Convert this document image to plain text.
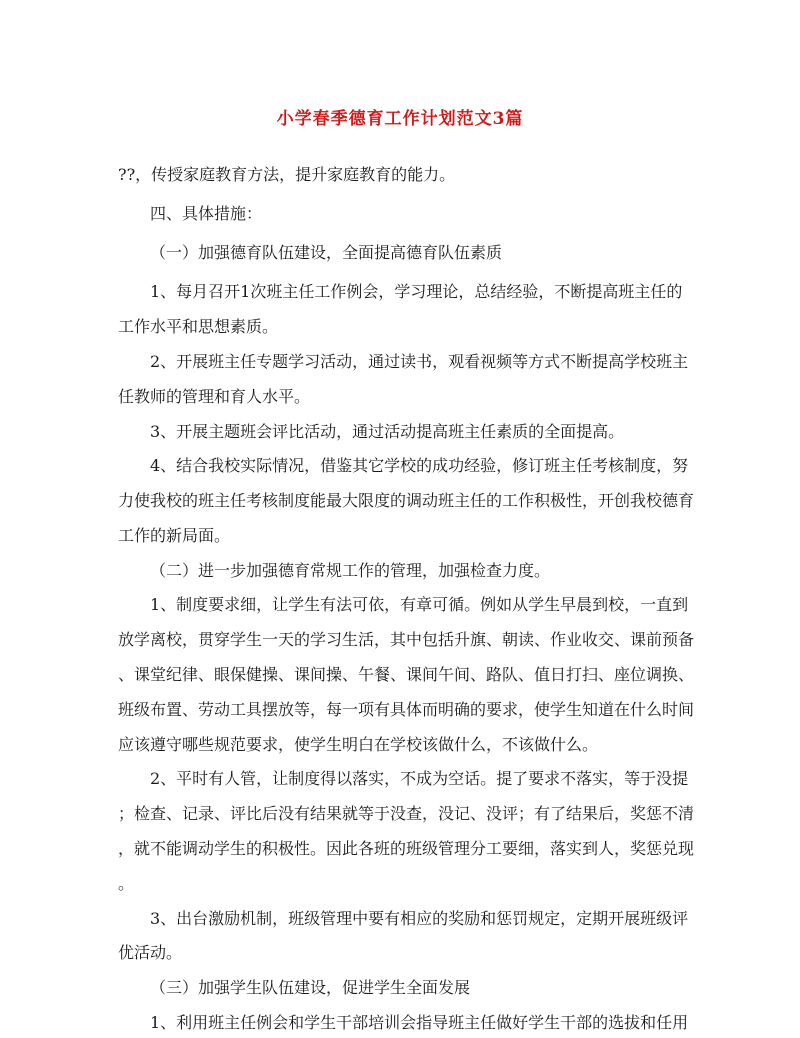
小学春季德育工作计划范文3篇
??，传授家庭教育方法，提升家庭教育的能力。
四、具体措施：
（一）加强德育队伍建设，全面提高德育队伍素质
1、每月召开1次班主任工作例会，学习理论，总结经验，不断提高班主任的
工作水平和思想素质。
2、开展班主任专题学习活动，通过读书，观看视频等方式不断提高学校班主
任教师的管理和育人水平。
3、开展主题班会评比活动，通过活动提高班主任素质的全面提高。
4、结合我校实际情况，借鉴其它学校的成功经验，修订班主任考核制度，努
力使我校的班主任考核制度能最大限度的调动班主任的工作积极性，开创我校德育
工作的新局面。
（二）进一步加强德育常规工作的管理，加强检查力度。
1、制度要求细，让学生有法可依，有章可循。例如从学生早晨到校，一直到
放学离校，贯穿学生一天的学习生活，其中包括升旗、朝读、作业收交、课前预备
、课堂纪律、眼保健操、课间操、午餐、课间午间、路队、值日打扫、座位调换、
班级布置、劳动工具摆放等，每一项有具体而明确的要求，使学生知道在什么时间
应该遵守哪些规范要求，使学生明白在学校该做什么，不该做什么。
2、平时有人管，让制度得以落实，不成为空话。提了要求不落实，等于没提
；检查、记录、评比后没有结果就等于没查，没记、没评；有了结果后，奖惩不清
，就不能调动学生的积极性。因此各班的班级管理分工要细，落实到人，奖惩兑现
。
3、出台激励机制，班级管理中要有相应的奖励和惩罚规定，定期开展班级评
优活动。
（三）加强学生队伍建设，促进学生全面发展
1、利用班主任例会和学生干部培训会指导班主任做好学生干部的选拔和任用
